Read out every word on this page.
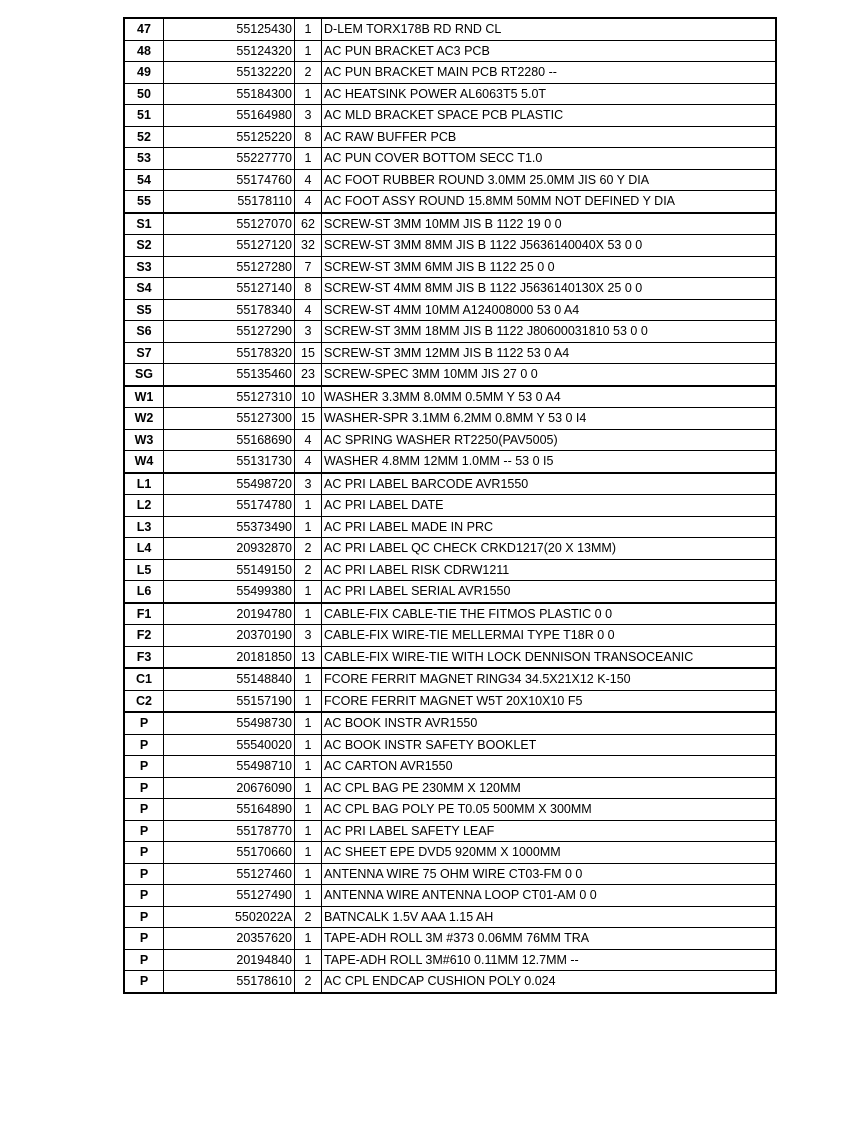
47	55125430	1	D-LEM TORX178B RD RND CL
48	55124320	1	AC PUN BRACKET AC3 PCB
49	55132220	2	AC PUN BRACKET MAIN PCB RT2280 --
50	55184300	1	AC HEATSINK POWER AL6063T5 5.0T
51	55164980	3	AC MLD BRACKET SPACE PCB PLASTIC
52	55125220	8	AC RAW BUFFER PCB
53	55227770	1	AC PUN COVER BOTTOM SECC T1.0
54	55174760	4	AC FOOT RUBBER ROUND 3.0MM 25.0MM JIS 60 Y DIA
55	55178110	4	AC FOOT ASSY ROUND 15.8MM 50MM NOT DEFINED Y DIA
S1	55127070	62	SCREW-ST 3MM 10MM JIS B 1122 19 0 0
S2	55127120	32	SCREW-ST 3MM 8MM JIS B 1122 J5636140040X 53 0 0
S3	55127280	7	SCREW-ST 3MM 6MM JIS B 1122 25 0 0
S4	55127140	8	SCREW-ST 4MM 8MM JIS B 1122 J5636140130X 25 0 0
S5	55178340	4	SCREW-ST 4MM 10MM A124008000 53 0 A4
S6	55127290	3	SCREW-ST 3MM 18MM JIS B 1122 J80600031810 53 0 0
S7	55178320	15	SCREW-ST 3MM 12MM JIS B 1122 53 0 A4
SG	55135460	23	SCREW-SPEC 3MM 10MM JIS 27 0 0
W1	55127310	10	WASHER 3.3MM 8.0MM 0.5MM Y 53 0 A4
W2	55127300	15	WASHER-SPR 3.1MM 6.2MM 0.8MM Y 53 0 I4
W3	55168690	4	AC SPRING WASHER RT2250(PAV5005)
W4	55131730	4	WASHER 4.8MM 12MM 1.0MM -- 53 0 I5
L1	55498720	3	AC PRI LABEL BARCODE AVR1550
L2	55174780	1	AC PRI LABEL DATE
L3	55373490	1	AC PRI LABEL MADE IN PRC
L4	20932870	2	AC PRI LABEL QC CHECK CRKD1217(20 X 13MM)
L5	55149150	2	AC PRI LABEL RISK CDRW1211
L6	55499380	1	AC PRI LABEL SERIAL AVR1550
F1	20194780	1	CABLE-FIX CABLE-TIE THE FITMOS PLASTIC 0 0
F2	20370190	3	CABLE-FIX WIRE-TIE MELLERMAI TYPE T18R 0 0
F3	20181850	13	CABLE-FIX WIRE-TIE WITH LOCK DENNISON TRANSOCEANIC
C1	55148840	1	FCORE FERRIT MAGNET RING34 34.5X21X12 K-150
C2	55157190	1	FCORE FERRIT MAGNET W5T 20X10X10 F5
P	55498730	1	AC BOOK INSTR AVR1550
P	55540020	1	AC BOOK INSTR SAFETY BOOKLET
P	55498710	1	AC CARTON AVR1550
P	20676090	1	AC CPL BAG PE 230MM X 120MM
P	55164890	1	AC CPL BAG POLY PE T0.05 500MM X 300MM
P	55178770	1	AC PRI LABEL SAFETY LEAF
P	55170660	1	AC SHEET EPE DVD5 920MM X 1000MM
P	55127460	1	ANTENNA WIRE 75 OHM WIRE CT03-FM 0 0
P	55127490	1	ANTENNA WIRE ANTENNA LOOP CT01-AM 0 0
P	5502022A	2	BATNCALK 1.5V AAA 1.15 AH
P	20357620	1	TAPE-ADH ROLL 3M #373 0.06MM 76MM TRA
P	20194840	1	TAPE-ADH ROLL 3M#610 0.11MM 12.7MM --
P	55178610	2	AC CPL ENDCAP CUSHION POLY 0.024
